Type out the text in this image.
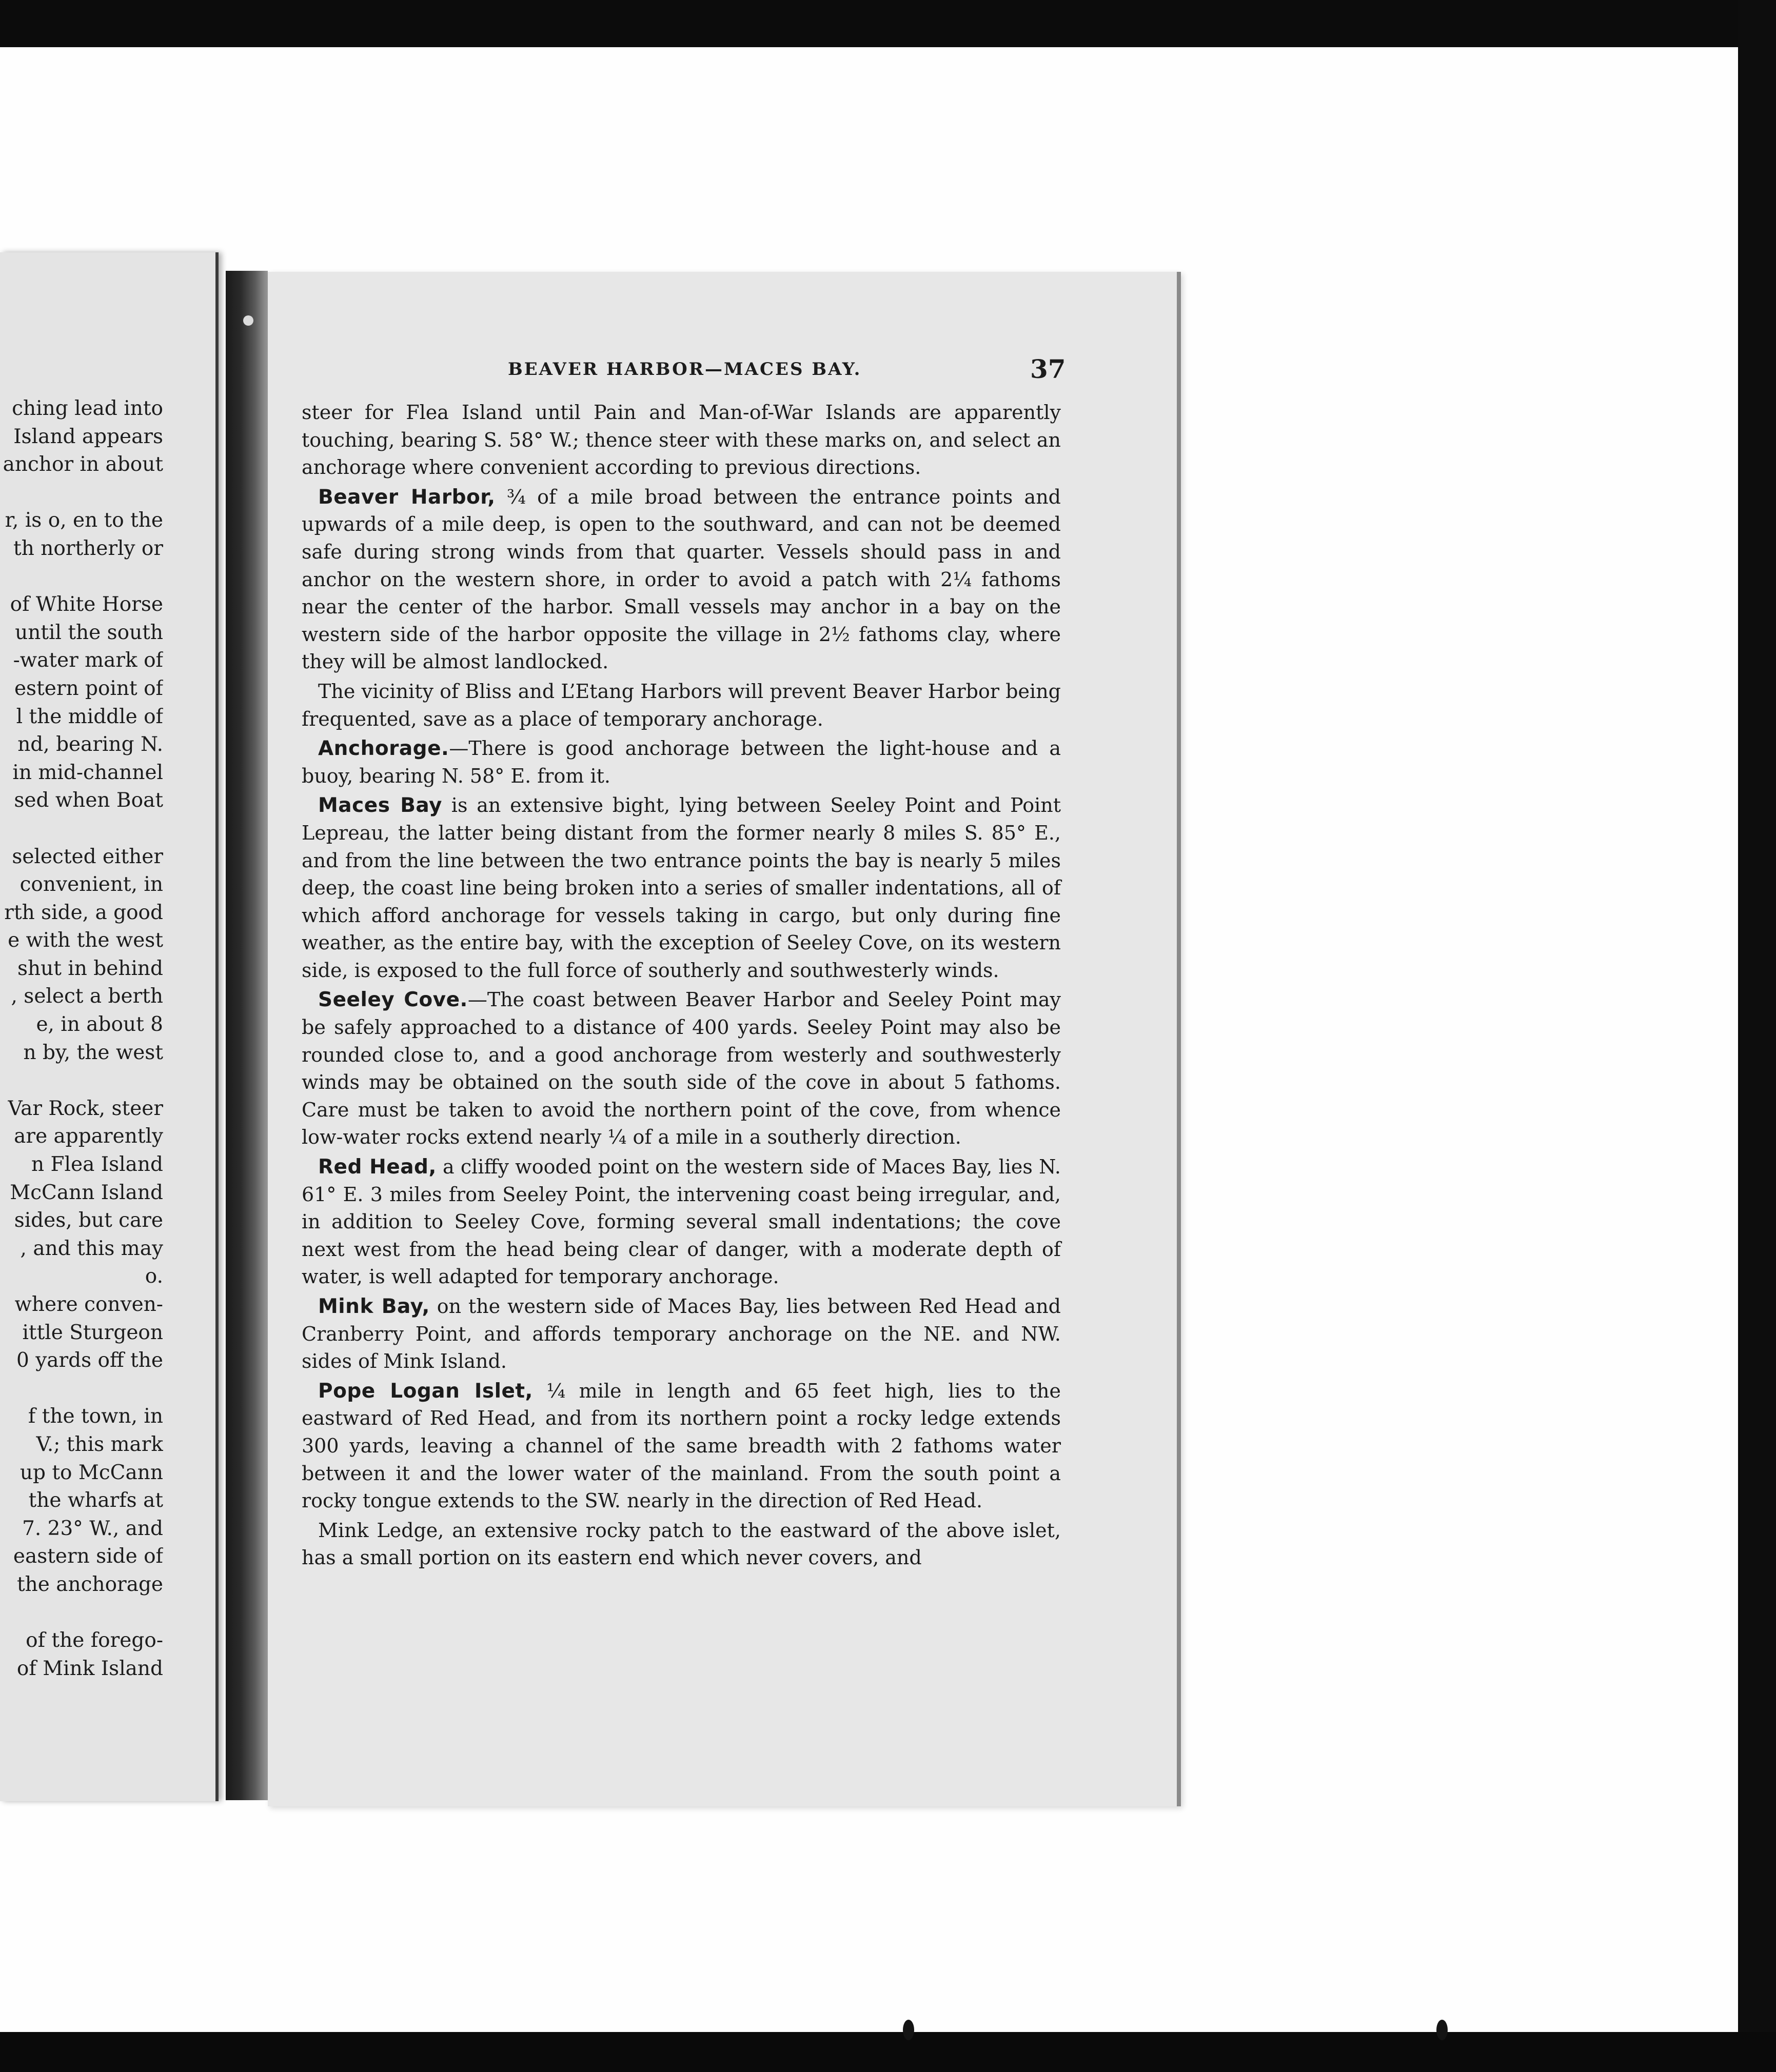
ching lead into
Island appears
anchor in about
r, is o, en to the
th northerly or
of White Horse
until the south
-water mark of
estern point of
l the middle of
nd, bearing N.
in mid-channel
sed when Boat
selected either
convenient, in
rth side, a good
e with the west
shut in behind
, select a berth
e, in about 8
n by, the west
Var Rock, steer
are apparently
n Flea Island
McCann Island
sides, but care
, and this may
o.
where conven-
ittle Sturgeon
0 yards off the
f the town, in
V.; this mark
up to McCann
the wharfs at
7. 23° W., and
eastern side of
the anchorage
of the forego-
of Mink Island
BEAVER HARBOR—MACES BAY.	37

steer for Flea Island until Pain and Man-of-War Islands are apparently touching, bearing S. 58° W.; thence steer with these marks on, and select an anchorage where convenient according to previous directions.

Beaver Harbor, ¾ of a mile broad between the entrance points and upwards of a mile deep, is open to the southward, and can not be deemed safe during strong winds from that quarter. Vessels should pass in and anchor on the western shore, in order to avoid a patch with 2¼ fathoms near the center of the harbor. Small vessels may anchor in a bay on the western side of the harbor opposite the village in 2½ fathoms clay, where they will be almost landlocked.

The vicinity of Bliss and L’Etang Harbors will prevent Beaver Harbor being frequented, save as a place of temporary anchorage.

Anchorage.—There is good anchorage between the light-house and a buoy, bearing N. 58° E. from it.

Maces Bay is an extensive bight, lying between Seeley Point and Point Lepreau, the latter being distant from the former nearly 8 miles S. 85° E., and from the line between the two entrance points the bay is nearly 5 miles deep, the coast line being broken into a series of smaller indentations, all of which afford anchorage for vessels taking in cargo, but only during fine weather, as the entire bay, with the exception of Seeley Cove, on its western side, is exposed to the full force of southerly and southwesterly winds.

Seeley Cove.—The coast between Beaver Harbor and Seeley Point may be safely approached to a distance of 400 yards. Seeley Point may also be rounded close to, and a good anchorage from westerly and southwesterly winds may be obtained on the south side of the cove in about 5 fathoms. Care must be taken to avoid the northern point of the cove, from whence low-water rocks extend nearly ¼ of a mile in a southerly direction.

Red Head, a cliffy wooded point on the western side of Maces Bay, lies N. 61° E. 3 miles from Seeley Point, the intervening coast being irregular, and, in addition to Seeley Cove, forming several small indentations; the cove next west from the head being clear of danger, with a moderate depth of water, is well adapted for temporary anchorage.

Mink Bay, on the western side of Maces Bay, lies between Red Head and Cranberry Point, and affords temporary anchorage on the NE. and NW. sides of Mink Island.

Pope Logan Islet, ¼ mile in length and 65 feet high, lies to the eastward of Red Head, and from its northern point a rocky ledge extends 300 yards, leaving a channel of the same breadth with 2 fathoms water between it and the lower water of the mainland. From the south point a rocky tongue extends to the SW. nearly in the direction of Red Head.

Mink Ledge, an extensive rocky patch to the eastward of the above islet, has a small portion on its eastern end which never covers, and
